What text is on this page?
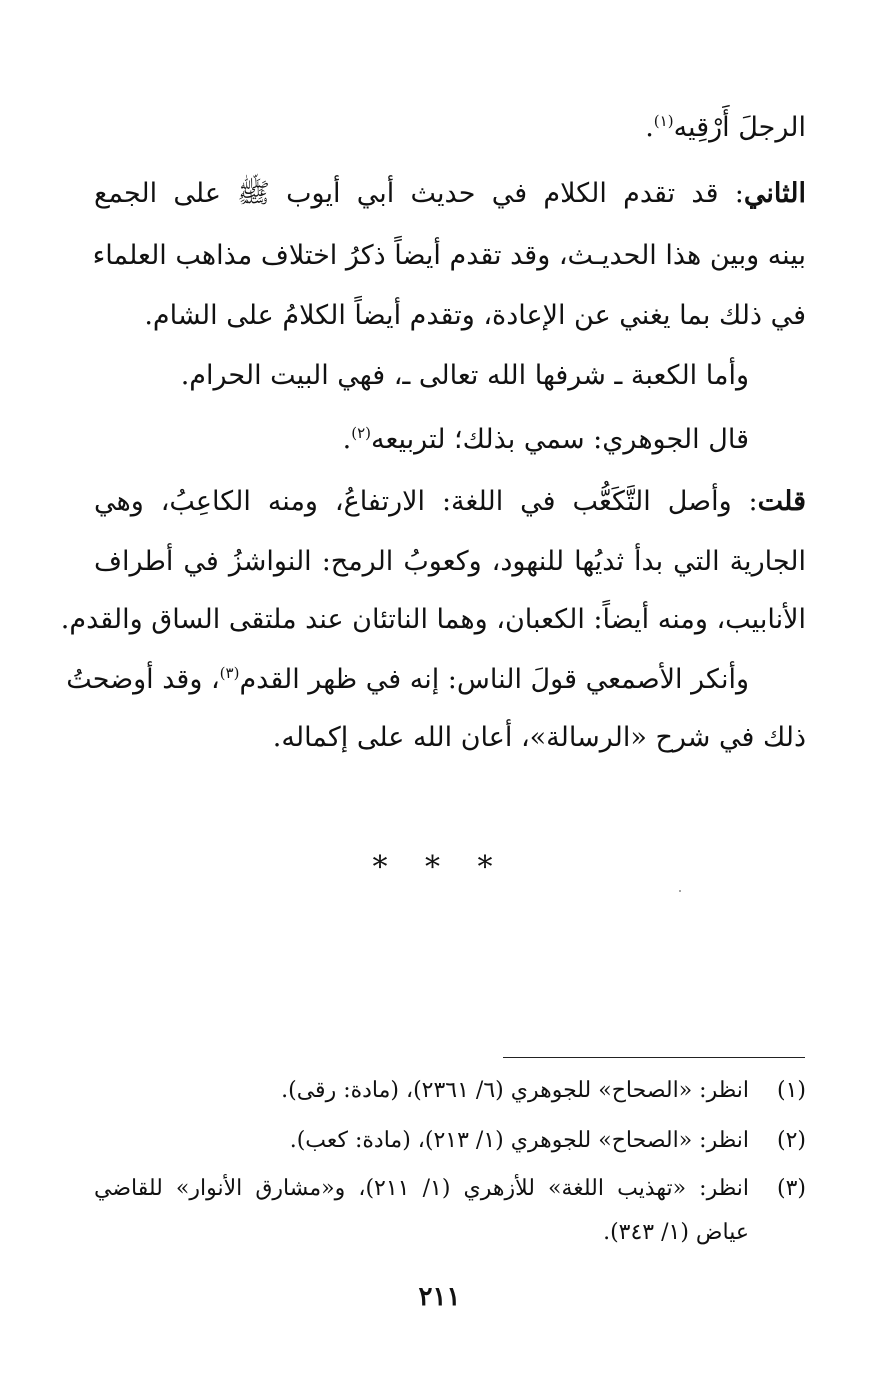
الرجلَ أَرْقِيه$^{(١)}$.
الثاني: قد تقدم الكلام في حديث أبي أيوب ﷺ على الجمع
بينه وبين هذا الحديـث، وقد تقدم أيضاً ذكرُ اختلاف مذاهب العلماء
في ذلك بما يغني عن الإعادة، وتقدم أيضاً الكلامُ على الشام.
وأما الكعبة ـ شرفها الله تعالى ـ، فهي البيت الحرام.
قال الجوهري: سمي بذلك؛ لتربيعه$^{(٢)}$.
قلت: وأصل التَّكَعُّب في اللغة: الارتفاعُ، ومنه الكاعِبُ، وهي
الجارية التي بدأ ثديُها للنهود، وكعوبُ الرمح: النواشزُ في أطراف
الأنابيب، ومنه أيضاً: الكعبان، وهما الناتئان عند ملتقى الساق والقدم.
وأنكر الأصمعي قولَ الناس: إنه في ظهر القدم$^{(٣)}$، وقد أوضحتُ
ذلك في شرح «الرسالة»، أعان الله على إكماله.
* * *
(١)
انظر: «الصحاح» للجوهري (٦/ ٢٣٦١)، (مادة: رقى).
(٢)
انظر: «الصحاح» للجوهري (١/ ٢١٣)، (مادة: كعب).
(٣)
انظر: «تهذيب اللغة» للأزهري (١/ ٢١١)، و«مشارق الأنوار» للقاضي
عياض (١/ ٣٤٣).
٢١١
